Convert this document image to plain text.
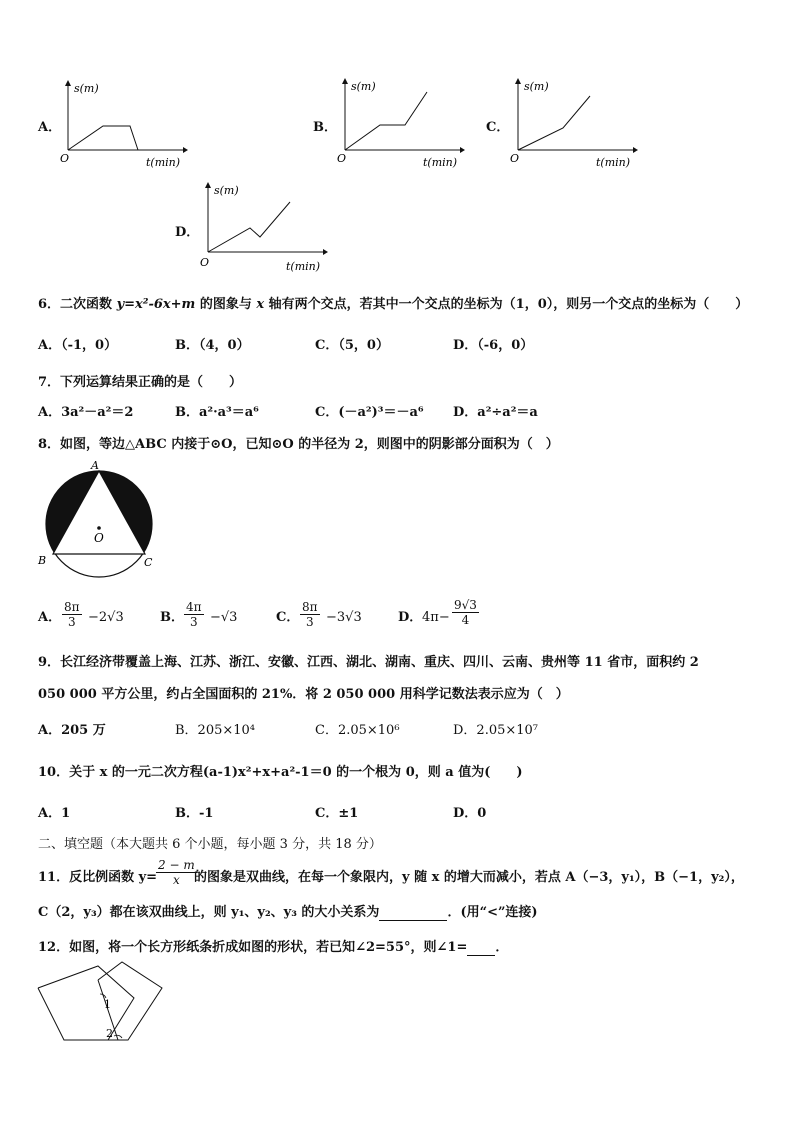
A．
s(m)
O	t(min)
B．
s(m)
O	t(min)
C．
s(m)
O	t(min)
D．
s(m)
O	t(min)
6．二次函数 y=x²-6x+m 的图象与 x 轴有两个交点，若其中一个交点的坐标为（1，0），则另一个交点的坐标为（　　）
A．（-1，0）	B．（4，0）	C．（5，0）	D．（-6，0）
7．下列运算结果正确的是（　　）
A．3a²－a²＝2	B．a²·a³＝a⁶	C．(－a²)³＝－a⁶ D．a²÷a²＝a
8．如图，等边△ABC 内接于⊙O，已知⊙O 的半径为 2，则图中的阴影部分面积为（　）
O
A
B	C
A． $\frac{8\pi}{3} -2√3$	B． $\frac{4\pi}{3} -√3$	C． $\frac{8\pi}{3} -3√3$	D． $4\pi- \frac{9√3}{4}$
9．长江经济带覆盖上海、江苏、浙江、安徽、江西、湖北、湖南、重庆、四川、云南、贵州等 11 省市，面积约 2
050 000 平方公里，约占全国面积的 21%．将 2 050 000 用科学记数法表示应为（　）
A．205 万	B．205×10⁴	C．2.05×10⁶	D．2.05×10⁷
10．关于 x 的一元二次方程(a-1)x²+x+a²-1＝0 的一个根为 0，则 a 值为(　　)
A．1	B．-1	C．±1	D．0
二、填空题（本大题共 6 个小题，每小题 3 分，共 18 分）
11．反比例函数 y=
$\frac{2 - m}{x}$
的图象是双曲线，在每一个象限内，y 随 x 的增大而减小，若点 A（−3，y₁），B（−1，y₂），
C（2，y₃）都在该双曲线上，则 y₁、y₂、y₃ 的大小关系为	．(用“<”连接)
12．如图，将一个长方形纸条折成如图的形状，若已知∠2=55°，则∠1= ．
1
2
